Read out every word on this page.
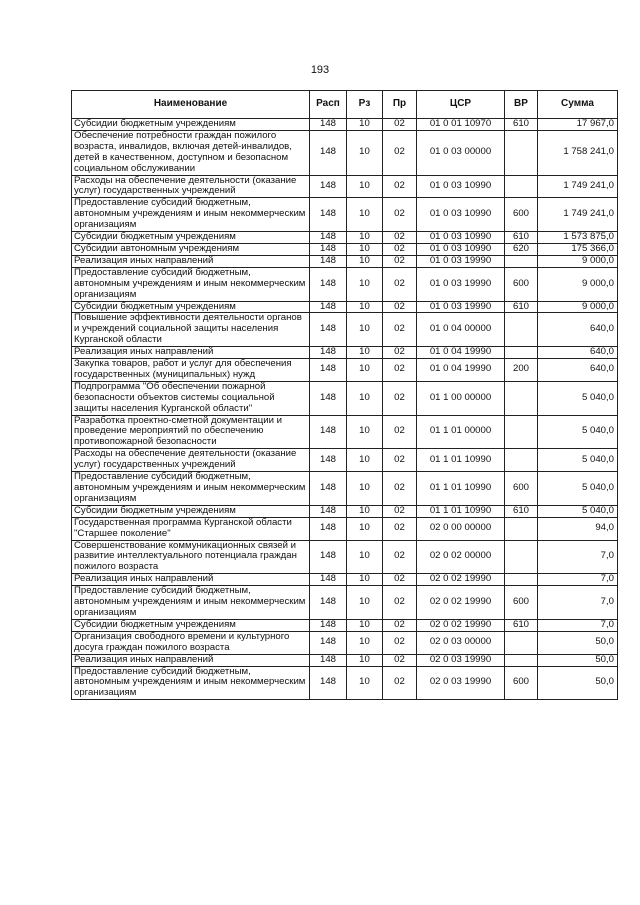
193
Наименование	Расп	Рз	Пр	ЦСР	ВР	Сумма
Субсидии бюджетным учреждениям	148	10	02	01 0 01 10970	610	17 967,0
Обеспечение потребности граждан пожилого возраста, инвалидов, включая детей-инвалидов, детей в качественном, доступном и безопасном социальном обслуживании	148	10	02	01 0 03 00000		1 758 241,0
Расходы на обеспечение деятельности (оказание услуг) государственных учреждений	148	10	02	01 0 03 10990		1 749 241,0
Предоставление субсидий бюджетным, автономным учреждениям и иным некоммерческим организациям	148	10	02	01 0 03 10990	600	1 749 241,0
Субсидии бюджетным учреждениям	148	10	02	01 0 03 10990	610	1 573 875,0
Субсидии автономным учреждениям	148	10	02	01 0 03 10990	620	175 366,0
Реализация иных направлений	148	10	02	01 0 03 19990		9 000,0
Предоставление субсидий бюджетным, автономным учреждениям и иным некоммерческим организациям	148	10	02	01 0 03 19990	600	9 000,0
Субсидии бюджетным учреждениям	148	10	02	01 0 03 19990	610	9 000,0
Повышение эффективности деятельности органов и учреждений социальной защиты населения Курганской области	148	10	02	01 0 04 00000		640,0
Реализация иных направлений	148	10	02	01 0 04 19990		640,0
Закупка товаров, работ и услуг для обеспечения государственных (муниципальных) нужд	148	10	02	01 0 04 19990	200	640,0
Подпрограмма "Об обеспечении пожарной безопасности объектов системы социальной защиты населения Курганской области"	148	10	02	01 1 00 00000		5 040,0
Разработка проектно-сметной документации и проведение мероприятий по обеспечению противопожарной безопасности	148	10	02	01 1 01 00000		5 040,0
Расходы на обеспечение деятельности (оказание услуг) государственных учреждений	148	10	02	01 1 01 10990		5 040,0
Предоставление субсидий бюджетным, автономным учреждениям и иным некоммерческим организациям	148	10	02	01 1 01 10990	600	5 040,0
Субсидии бюджетным учреждениям	148	10	02	01 1 01 10990	610	5 040,0
Государственная программа Курганской области "Старшее поколение"	148	10	02	02 0 00 00000		94,0
Совершенствование коммуникационных связей и развитие интеллектуального потенциала граждан пожилого возраста	148	10	02	02 0 02 00000		7,0
Реализация иных направлений	148	10	02	02 0 02 19990		7,0
Предоставление субсидий бюджетным, автономным учреждениям и иным некоммерческим организациям	148	10	02	02 0 02 19990	600	7,0
Субсидии бюджетным учреждениям	148	10	02	02 0 02 19990	610	7,0
Организация свободного времени и культурного досуга граждан пожилого возраста	148	10	02	02 0 03 00000		50,0
Реализация иных направлений	148	10	02	02 0 03 19990		50,0
Предоставление субсидий бюджетным, автономным учреждениям и иным некоммерческим организациям	148	10	02	02 0 03 19990	600	50,0
